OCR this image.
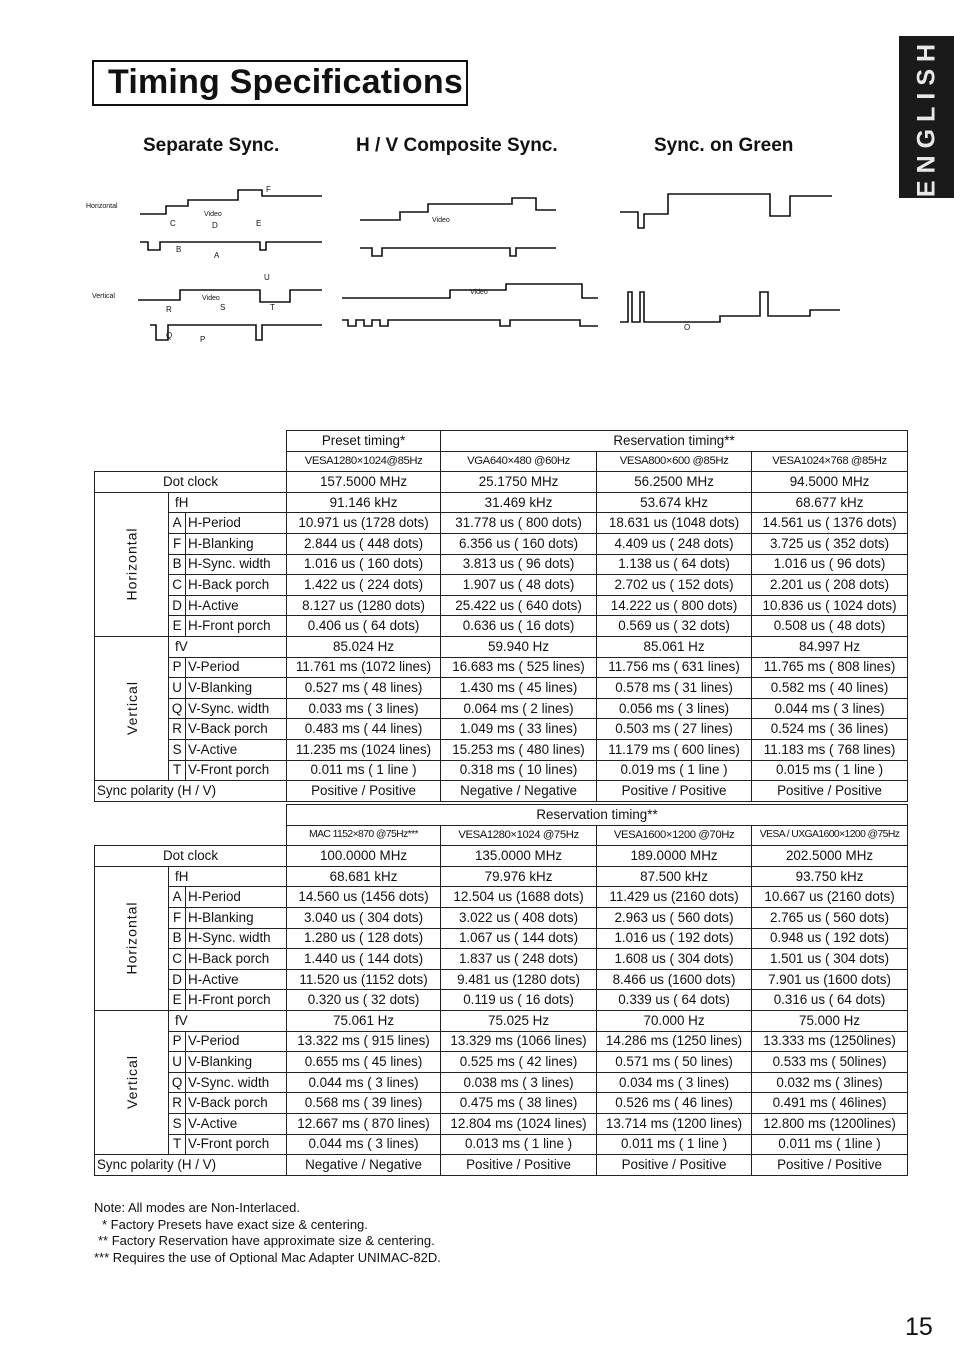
Timing Specifications	ENGLISH
Separate Sync.	H / V Composite Sync.	Sync. on Green
Horizontal
Video
Vertical	Video
Video
Video
F
A
B
C	D	E
U
S	T
P
Q
R
O
			Preset timing*	Reservation timing**		
			VESA1280×1024@85Hz	VGA640×480 @60Hz	VESA800×600 @85Hz	VESA1024×768 @85Hz
Dot clock			157.5000 MHz	25.1750 MHz	56.2500 MHz	94.5000 MHz
Horizontal	fH		91.146 kHz	31.469 kHz	53.674 kHz	68.677 kHz
	A	H-Period	10.971 us (1728 dots)	31.778 us ( 800 dots)	18.631 us (1048 dots)	14.561 us ( 1376 dots)
	F	H-Blanking	2.844 us ( 448 dots)	6.356 us ( 160 dots)	4.409 us ( 248 dots)	3.725 us ( 352 dots)
	B	H-Sync. width	1.016 us ( 160 dots)	3.813 us ( 96 dots)	1.138 us ( 64 dots)	1.016 us ( 96 dots)
	C	H-Back porch	1.422 us ( 224 dots)	1.907 us ( 48 dots)	2.702 us ( 152 dots)	2.201 us ( 208 dots)
	D	H-Active	8.127 us (1280 dots)	25.422 us ( 640 dots)	14.222 us ( 800 dots)	10.836 us ( 1024 dots)
	E	H-Front porch	0.406 us ( 64 dots)	0.636 us ( 16 dots)	0.569 us ( 32 dots)	0.508 us ( 48 dots)
Vertical	fV		85.024 Hz	59.940 Hz	85.061 Hz	84.997 Hz
	P	V-Period	11.761 ms (1072 lines)	16.683 ms ( 525 lines)	11.756 ms ( 631 lines)	11.765 ms ( 808 lines)
	U	V-Blanking	0.527 ms ( 48 lines)	1.430 ms ( 45 lines)	0.578 ms ( 31 lines)	0.582 ms ( 40 lines)
	Q	V-Sync. width	0.033 ms ( 3 lines)	0.064 ms ( 2 lines)	0.056 ms ( 3 lines)	0.044 ms ( 3 lines)
	R	V-Back porch	0.483 ms ( 44 lines)	1.049 ms ( 33 lines)	0.503 ms ( 27 lines)	0.524 ms ( 36 lines)
	S	V-Active	11.235 ms (1024 lines)	15.253 ms ( 480 lines)	11.179 ms ( 600 lines)	11.183 ms ( 768 lines)
	T	V-Front porch	0.011 ms ( 1 line )	0.318 ms ( 10 lines)	0.019 ms ( 1 line )	0.015 ms ( 1 line )
Sync polarity (H / V)			Positive / Positive	Negative / Negative	Positive / Positive	Positive / Positive
			Reservation timing**			
			MAC 1152×870 @75Hz***	VESA1280×1024 @75Hz	VESA1600×1200 @70Hz	VESA / UXGA1600×1200 @75Hz
Dot clock			100.0000 MHz	135.0000 MHz	189.0000 MHz	202.5000 MHz
Horizontal	fH		68.681 kHz	79.976 kHz	87.500 kHz	93.750 kHz
	A	H-Period	14.560 us (1456 dots)	12.504 us (1688 dots)	11.429 us (2160 dots)	10.667 us (2160 dots)
	F	H-Blanking	3.040 us ( 304 dots)	3.022 us ( 408 dots)	2.963 us ( 560 dots)	2.765 us ( 560 dots)
	B	H-Sync. width	1.280 us ( 128 dots)	1.067 us ( 144 dots)	1.016 us ( 192 dots)	0.948 us ( 192 dots)
	C	H-Back porch	1.440 us ( 144 dots)	1.837 us ( 248 dots)	1.608 us ( 304 dots)	1.501 us ( 304 dots)
	D	H-Active	11.520 us (1152 dots)	9.481 us (1280 dots)	8.466 us (1600 dots)	7.901 us (1600 dots)
	E	H-Front porch	0.320 us ( 32 dots)	0.119 us ( 16 dots)	0.339 us ( 64 dots)	0.316 us ( 64 dots)
Vertical	fV		75.061 Hz	75.025 Hz	70.000 Hz	75.000 Hz
	P	V-Period	13.322 ms ( 915 lines)	13.329 ms (1066 lines)	14.286 ms (1250 lines)	13.333 ms (1250lines)
	U	V-Blanking	0.655 ms ( 45 lines)	0.525 ms ( 42 lines)	0.571 ms ( 50 lines)	0.533 ms ( 50lines)
	Q	V-Sync. width	0.044 ms ( 3 lines)	0.038 ms ( 3 lines)	0.034 ms ( 3 lines)	0.032 ms ( 3lines)
	R	V-Back porch	0.568 ms ( 39 lines)	0.475 ms ( 38 lines)	0.526 ms ( 46 lines)	0.491 ms ( 46lines)
	S	V-Active	12.667 ms ( 870 lines)	12.804 ms (1024 lines)	13.714 ms (1200 lines)	12.800 ms (1200lines)
	T	V-Front porch	0.044 ms ( 3 lines)	0.013 ms ( 1 line )	0.011 ms ( 1 line )	0.011 ms ( 1line )
Sync polarity (H / V)			Negative / Negative	Positive / Positive	Positive / Positive	Positive / Positive
Note: All modes are Non-Interlaced.
* Factory Presets have exact size & centering.
** Factory Reservation have approximate size & centering.
*** Requires the use of Optional Mac Adapter UNIMAC-82D.
15
